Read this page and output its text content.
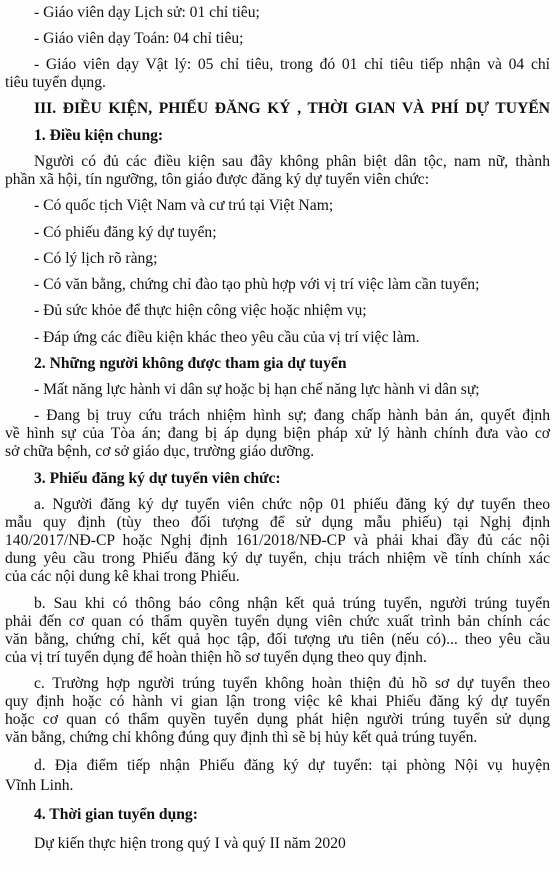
- Giáo viên dạy Lịch sử: 01 chỉ tiêu;
- Giáo viên dạy Toán: 04 chỉ tiêu;
- Giáo viên dạy Vật lý: 05 chỉ tiêu, trong đó 01 chỉ tiêu tiếp nhận và 04 chỉ
tiêu tuyển dụng.
III. ĐIỀU KIỆN, PHIẾU ĐĂNG KÝ , THỜI GIAN VÀ PHÍ DỰ TUYỂN
1. Điều kiện chung:
Người có đủ các điều kiện sau đây không phân biệt dân tộc, nam nữ, thành
phần xã hội, tín ngưỡng, tôn giáo được đăng ký dự tuyển viên chức:
- Có quốc tịch Việt Nam và cư trú tại Việt Nam;
- Có phiếu đăng ký dự tuyển;
- Có lý lịch rõ ràng;
- Có văn bằng, chứng chỉ đào tạo phù hợp với vị trí việc làm cần tuyển;
- Đủ sức khỏe để thực hiện công việc hoặc nhiệm vụ;
- Đáp ứng các điều kiện khác theo yêu cầu của vị trí việc làm.
2. Những người không được tham gia dự tuyển
- Mất năng lực hành vi dân sự hoặc bị hạn chế năng lực hành vi dân sự;
- Đang bị truy cứu trách nhiệm hình sự; đang chấp hành bản án, quyết định
về hình sự của Tòa án; đang bị áp dụng biện pháp xử lý hành chính đưa vào cơ
sở chữa bệnh, cơ sở giáo dục, trường giáo dưỡng.
3. Phiếu đăng ký dự tuyển viên chức:
a. Người đăng ký dự tuyển viên chức nộp 01 phiếu đăng ký dự tuyển theo
mẫu quy định (tùy theo đối tượng để sử dụng mẫu phiếu) tại Nghị định
140/2017/NĐ-CP hoặc Nghị định 161/2018/NĐ-CP và phải khai đầy đủ các nội
dung yêu cầu trong Phiếu đăng ký dự tuyển, chịu trách nhiệm về tính chính xác
của các nội dung kê khai trong Phiếu.
b. Sau khi có thông báo công nhận kết quả trúng tuyển, người trúng tuyển
phải đến cơ quan có thẩm quyền tuyển dụng viên chức xuất trình bản chính các
văn bằng, chứng chỉ, kết quả học tập, đối tượng ưu tiên (nếu có)... theo yêu cầu
của vị trí tuyển dụng để hoàn thiện hồ sơ tuyển dụng theo quy định.
c. Trường hợp người trúng tuyển không hoàn thiện đủ hồ sơ dự tuyển theo
quy định hoặc có hành vi gian lận trong việc kê khai Phiếu đăng ký dự tuyển
hoặc cơ quan có thẩm quyền tuyển dụng phát hiện người trúng tuyển sử dụng
văn bằng, chứng chỉ không đúng quy định thì sẽ bị hủy kết quả trúng tuyển.
d. Địa điểm tiếp nhận Phiếu đăng ký dự tuyển: tại phòng Nội vụ huyện
Vĩnh Linh.
4. Thời gian tuyển dụng:
Dự kiến thực hiện trong quý I và quý II năm 2020
